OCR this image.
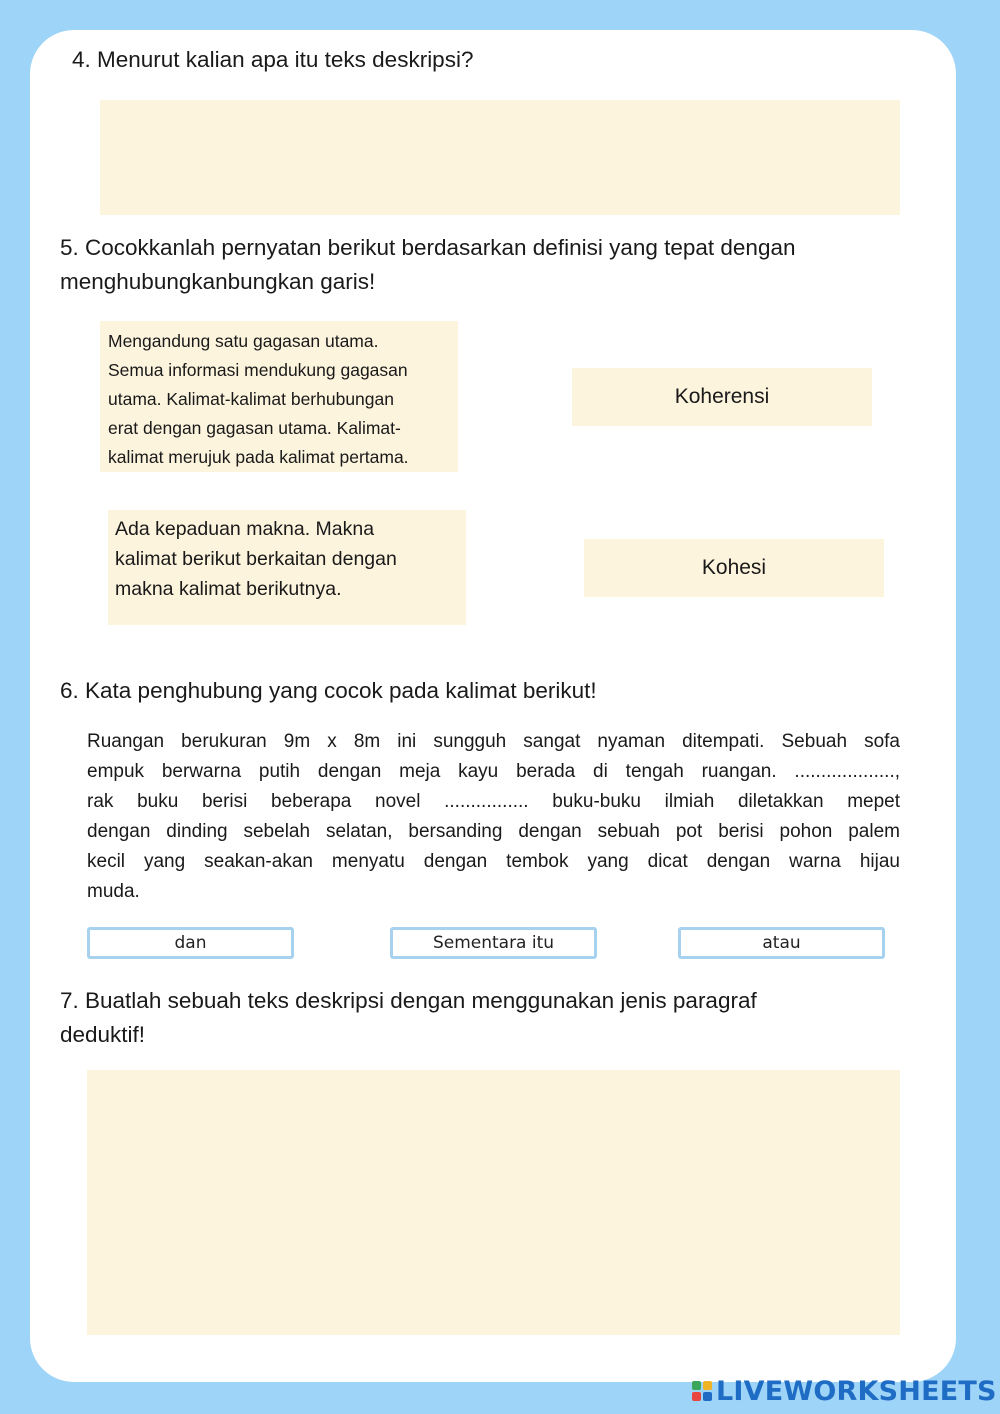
4. Menurut kalian apa itu teks deskripsi?
5. Cocokkanlah pernyatan berikut berdasarkan definisi yang tepat dengan
menghubungkanbungkan garis!
Mengandung satu gagasan utama.
Semua informasi mendukung gagasan
utama. Kalimat-kalimat berhubungan
erat dengan gagasan utama. Kalimat-
kalimat merujuk pada kalimat pertama.
Koherensi
Ada kepaduan makna. Makna
kalimat berikut berkaitan dengan
makna kalimat berikutnya.
Kohesi
6. Kata penghubung yang cocok pada kalimat berikut!
Ruangan berukuran 9m x 8m ini sungguh sangat nyaman ditempati. Sebuah sofa
empuk berwarna putih dengan meja kayu berada di tengah ruangan. ...................,
rak buku berisi beberapa novel ................ buku-buku ilmiah diletakkan mepet
dengan dinding sebelah selatan, bersanding dengan sebuah pot berisi pohon palem
kecil yang seakan-akan menyatu dengan tembok yang dicat dengan warna hijau
muda.
dan	Sementara itu	atau
7. Buatlah sebuah teks deskripsi dengan menggunakan jenis paragraf
deduktif!
LIVEWORKSHEETS
